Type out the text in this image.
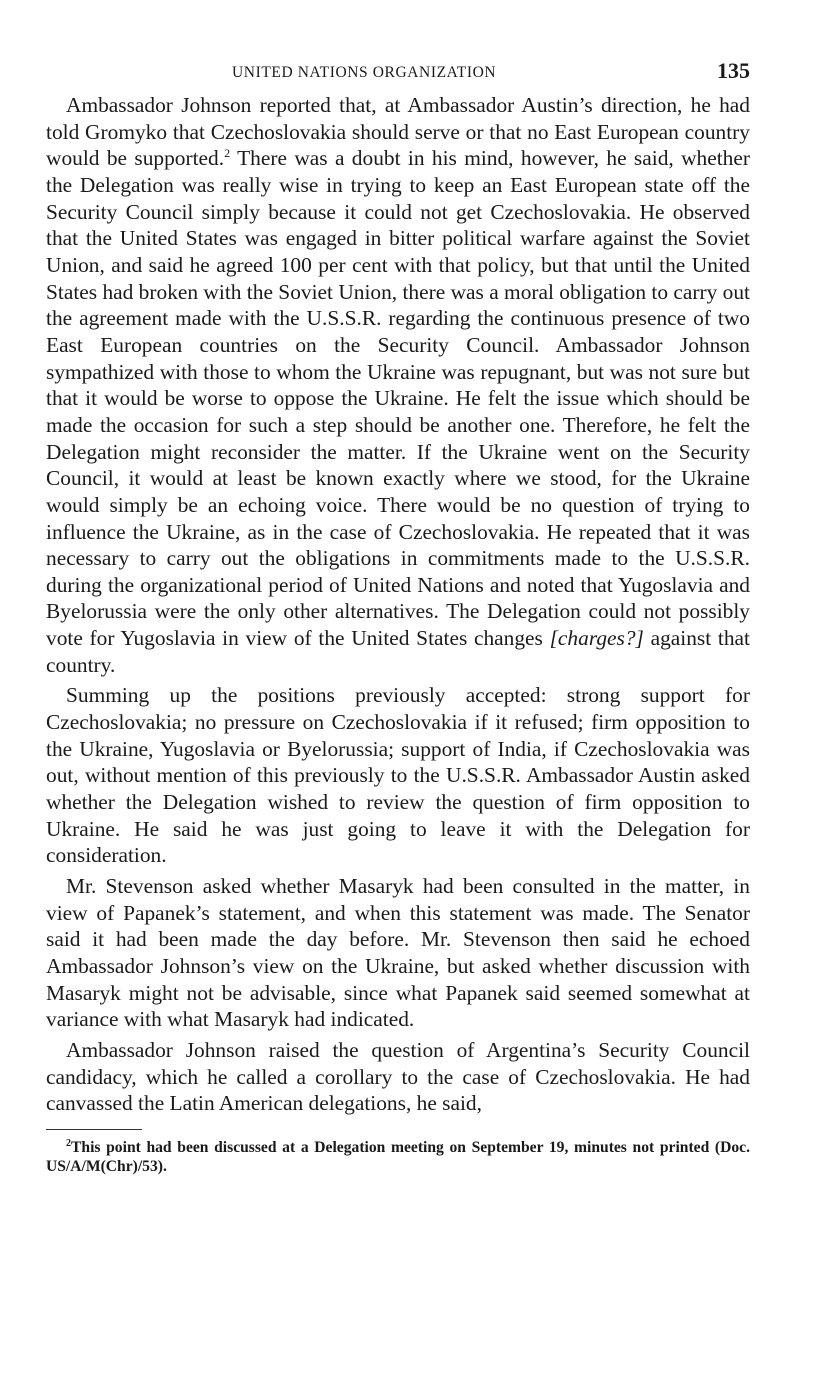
UNITED NATIONS ORGANIZATION	135

Ambassador Johnson reported that, at Ambassador Austin’s direction, he had told Gromyko that Czechoslovakia should serve or that no East European country would be supported.$^2$ There was a doubt in his mind, however, he said, whether the Delegation was really wise in trying to keep an East European state off the Security Council simply because it could not get Czechoslovakia. He observed that the United States was engaged in bitter political warfare against the Soviet Union, and said he agreed 100 per cent with that policy, but that until the United States had broken with the Soviet Union, there was a moral obligation to carry out the agreement made with the U.S.S.R. regarding the continuous presence of two East European countries on the Security Council. Ambassador Johnson sympathized with those to whom the Ukraine was repugnant, but was not sure but that it would be worse to oppose the Ukraine. He felt the issue which should be made the occasion for such a step should be another one. Therefore, he felt the Delegation might reconsider the matter. If the Ukraine went on the Security Council, it would at least be known exactly where we stood, for the Ukraine would simply be an echoing voice. There would be no question of trying to influence the Ukraine, as in the case of Czechoslovakia. He repeated that it was necessary to carry out the obligations in commitments made to the U.S.S.R. during the organizational period of United Nations and noted that Yugoslavia and Byelorussia were the only other alternatives. The Delegation could not possibly vote for Yugoslavia in view of the United States changes [charges?] against that country.

Summing up the positions previously accepted: strong support for Czechoslovakia; no pressure on Czechoslovakia if it refused; firm opposition to the Ukraine, Yugoslavia or Byelorussia; support of India, if Czechoslovakia was out, without mention of this previously to the U.S.S.R. Ambassador Austin asked whether the Delegation wished to review the question of firm opposition to Ukraine. He said he was just going to leave it with the Delegation for consideration.

Mr. Stevenson asked whether Masaryk had been consulted in the matter, in view of Papanek’s statement, and when this statement was made. The Senator said it had been made the day before. Mr. Stevenson then said he echoed Ambassador Johnson’s view on the Ukraine, but asked whether discussion with Masaryk might not be advisable, since what Papanek said seemed somewhat at variance with what Masaryk had indicated.

Ambassador Johnson raised the question of Argentina’s Security Council candidacy, which he called a corollary to the case of Czechoslovakia. He had canvassed the Latin American delegations, he said,

$^2$This point had been discussed at a Delegation meeting on September 19, minutes not printed (Doc. US/A/M(Chr)/53).
